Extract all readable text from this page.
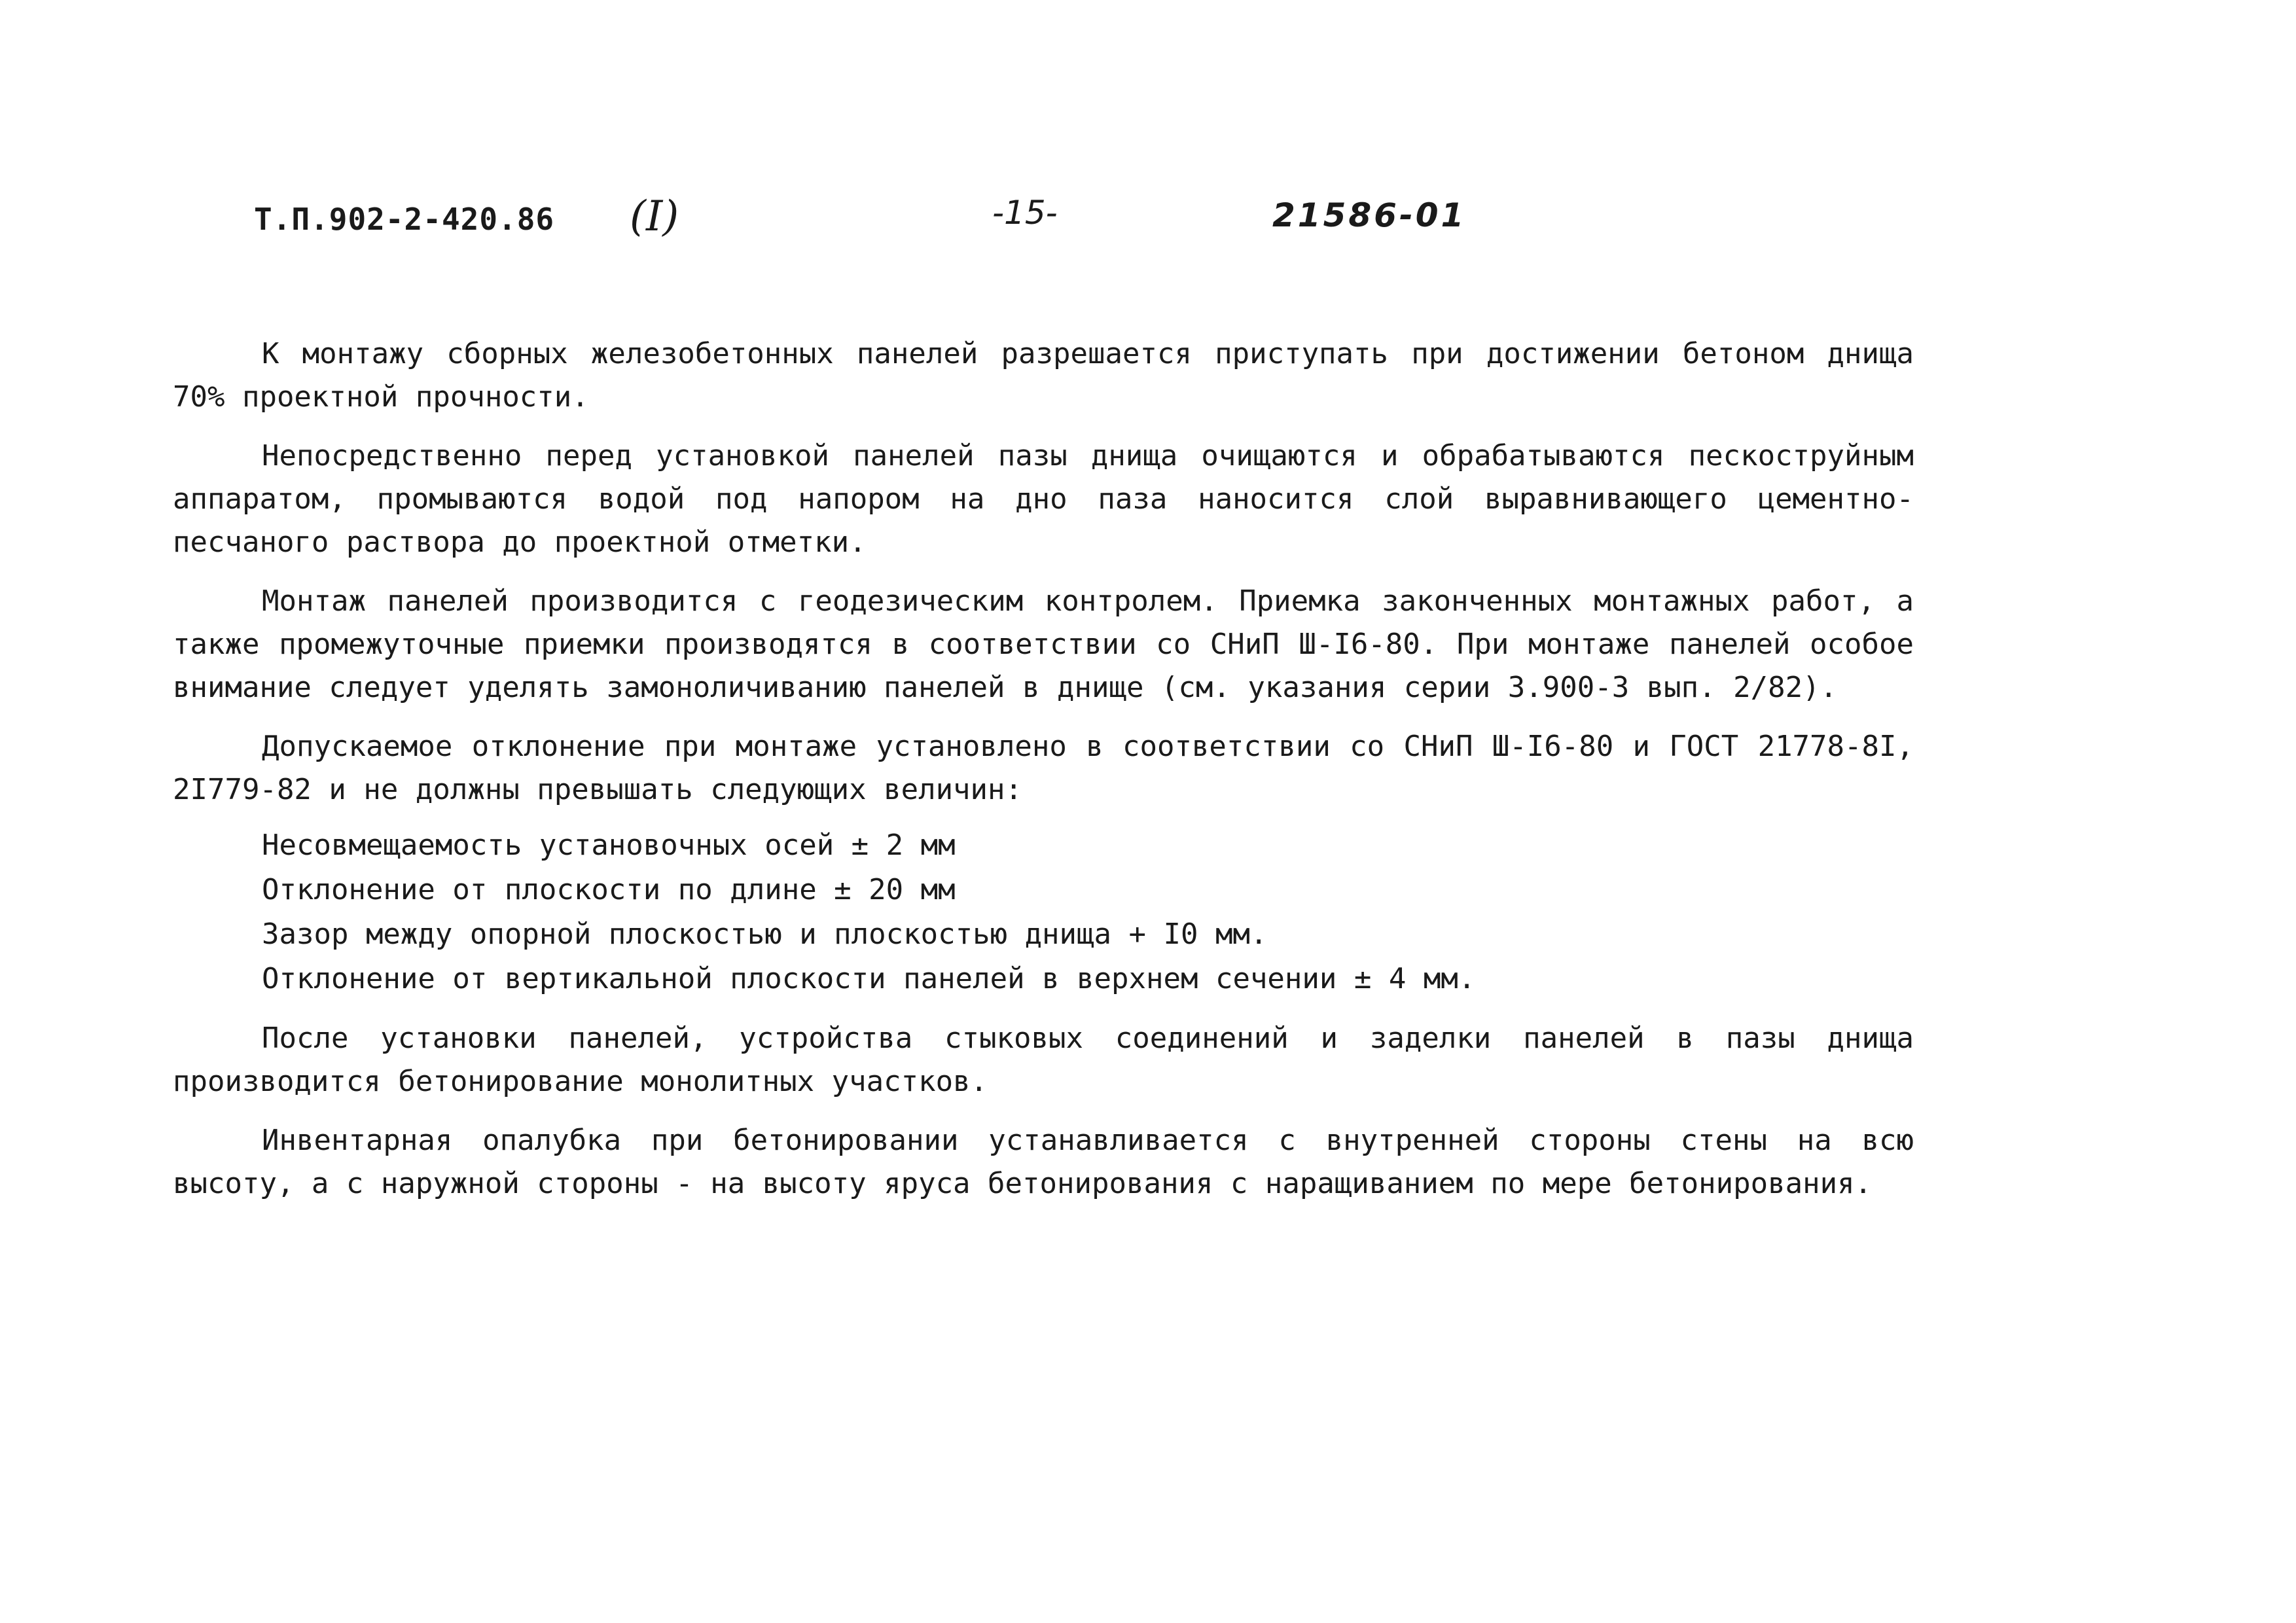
Т.П.902-2-420.86 (I)	-15-	21586-01

К монтажу сборных железобетонных панелей разрешается приступать при достижении бетоном днища 70% проектной прочности.

Непосредственно перед установкой панелей пазы днища очищаются и обрабатываются пескоструйным аппаратом, промываются водой под напором на дно паза наносится слой выравнивающего цементно-песчаного раствора до проектной отметки.

Монтаж панелей производится с геодезическим контролем. Приемка законченных монтажных работ, а также промежуточные приемки производятся в соответствии со СНиП Ш-I6-80. При монтаже панелей особое внимание следует уделять замоноличиванию панелей в днище (см. указания серии 3.900-3 вып. 2/82).

Допускаемое отклонение при монтаже установлено в соответствии со СНиП Ш-I6-80 и ГОСТ 21778-8I, 2I779-82 и не должны превышать следующих величин:

Несовмещаемость установочных осей ± 2 мм
Отклонение от плоскости по длине ± 20 мм
Зазор между опорной плоскостью и плоскостью днища + I0 мм.
Отклонение от вертикальной плоскости панелей в верхнем сечении ± 4 мм.

После установки панелей, устройства стыковых соединений и заделки панелей в пазы днища производится бетонирование монолитных участков.

Инвентарная опалубка при бетонировании устанавливается с внутренней стороны стены на всю высоту, а с наружной стороны - на высоту яруса бетонирования с наращиванием по мере бетонирования.
